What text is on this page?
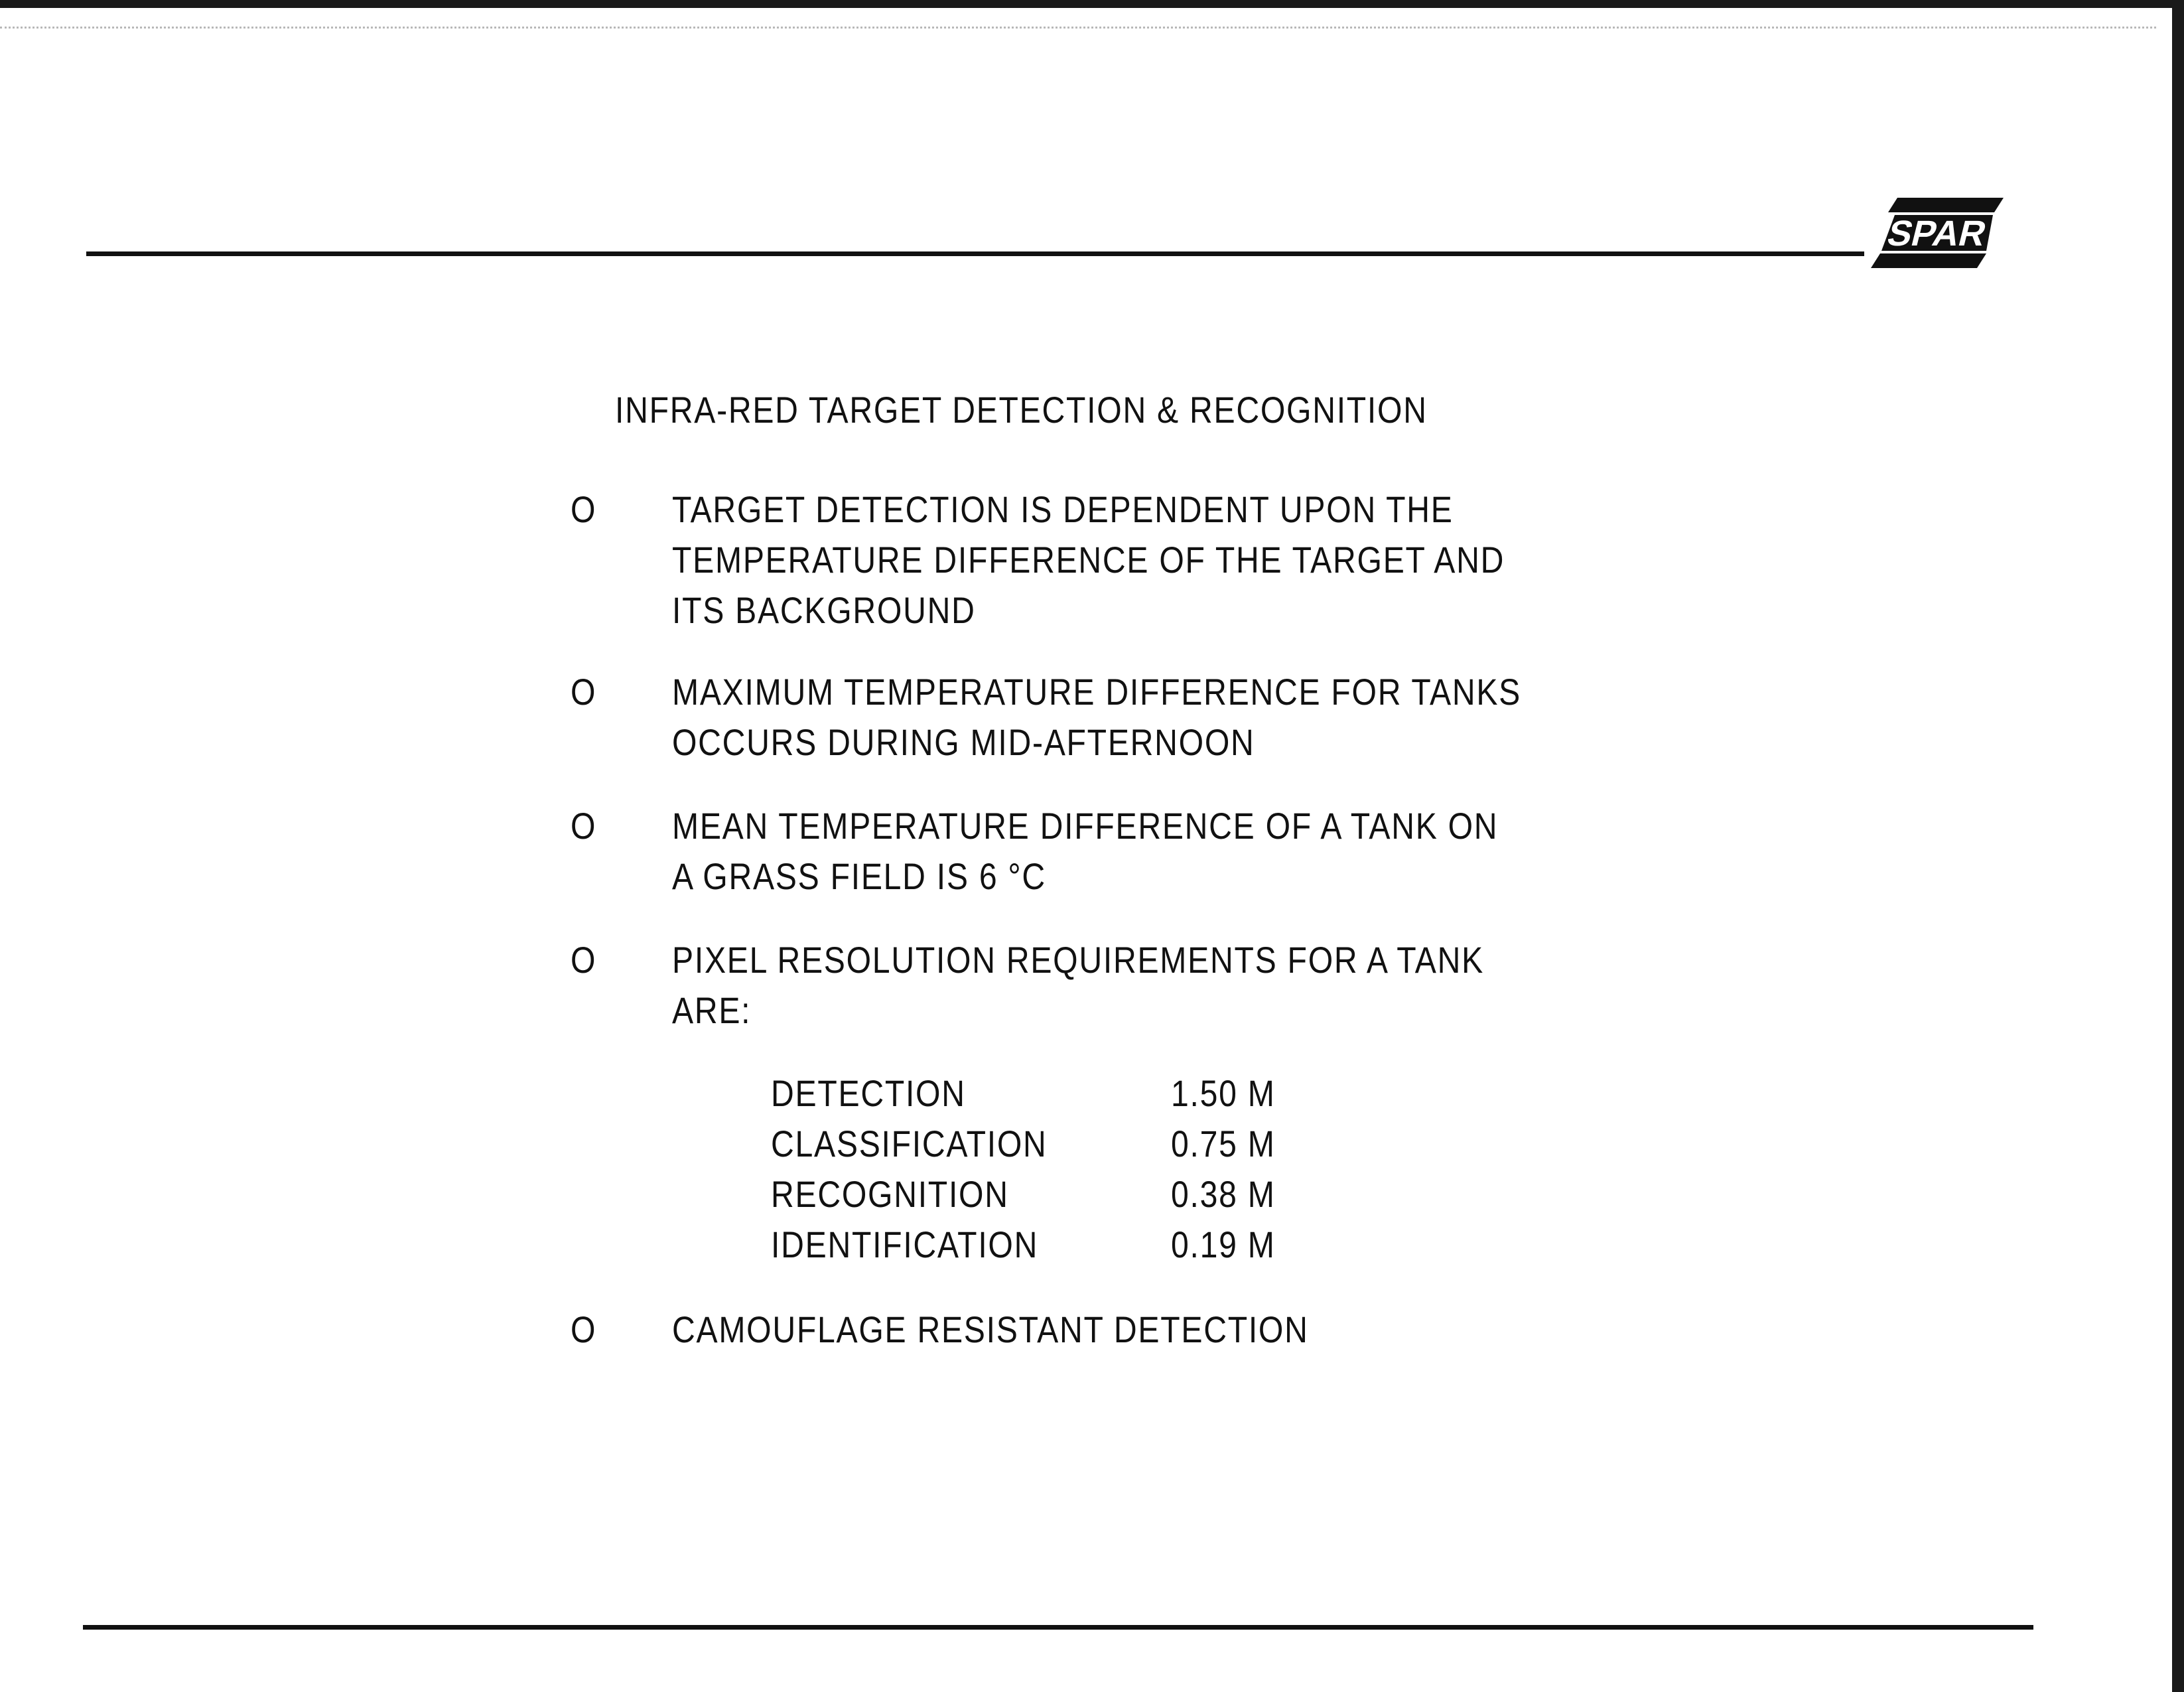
SPAR
INFRA-RED TARGET DETECTION & RECOGNITION
O TARGET DETECTION IS DEPENDENT UPON THE
TEMPERATURE DIFFERENCE OF THE TARGET AND
ITS BACKGROUND
O MAXIMUM TEMPERATURE DIFFERENCE FOR TANKS
OCCURS DURING MID-AFTERNOON
O MEAN TEMPERATURE DIFFERENCE OF A TANK ON
A GRASS FIELD IS 6 °C
O PIXEL RESOLUTION REQUIREMENTS FOR A TANK
ARE:
DETECTION	1.50 M
CLASSIFICATION	0.75 M
RECOGNITION	0.38 M
IDENTIFICATION	0.19 M
O CAMOUFLAGE RESISTANT DETECTION
